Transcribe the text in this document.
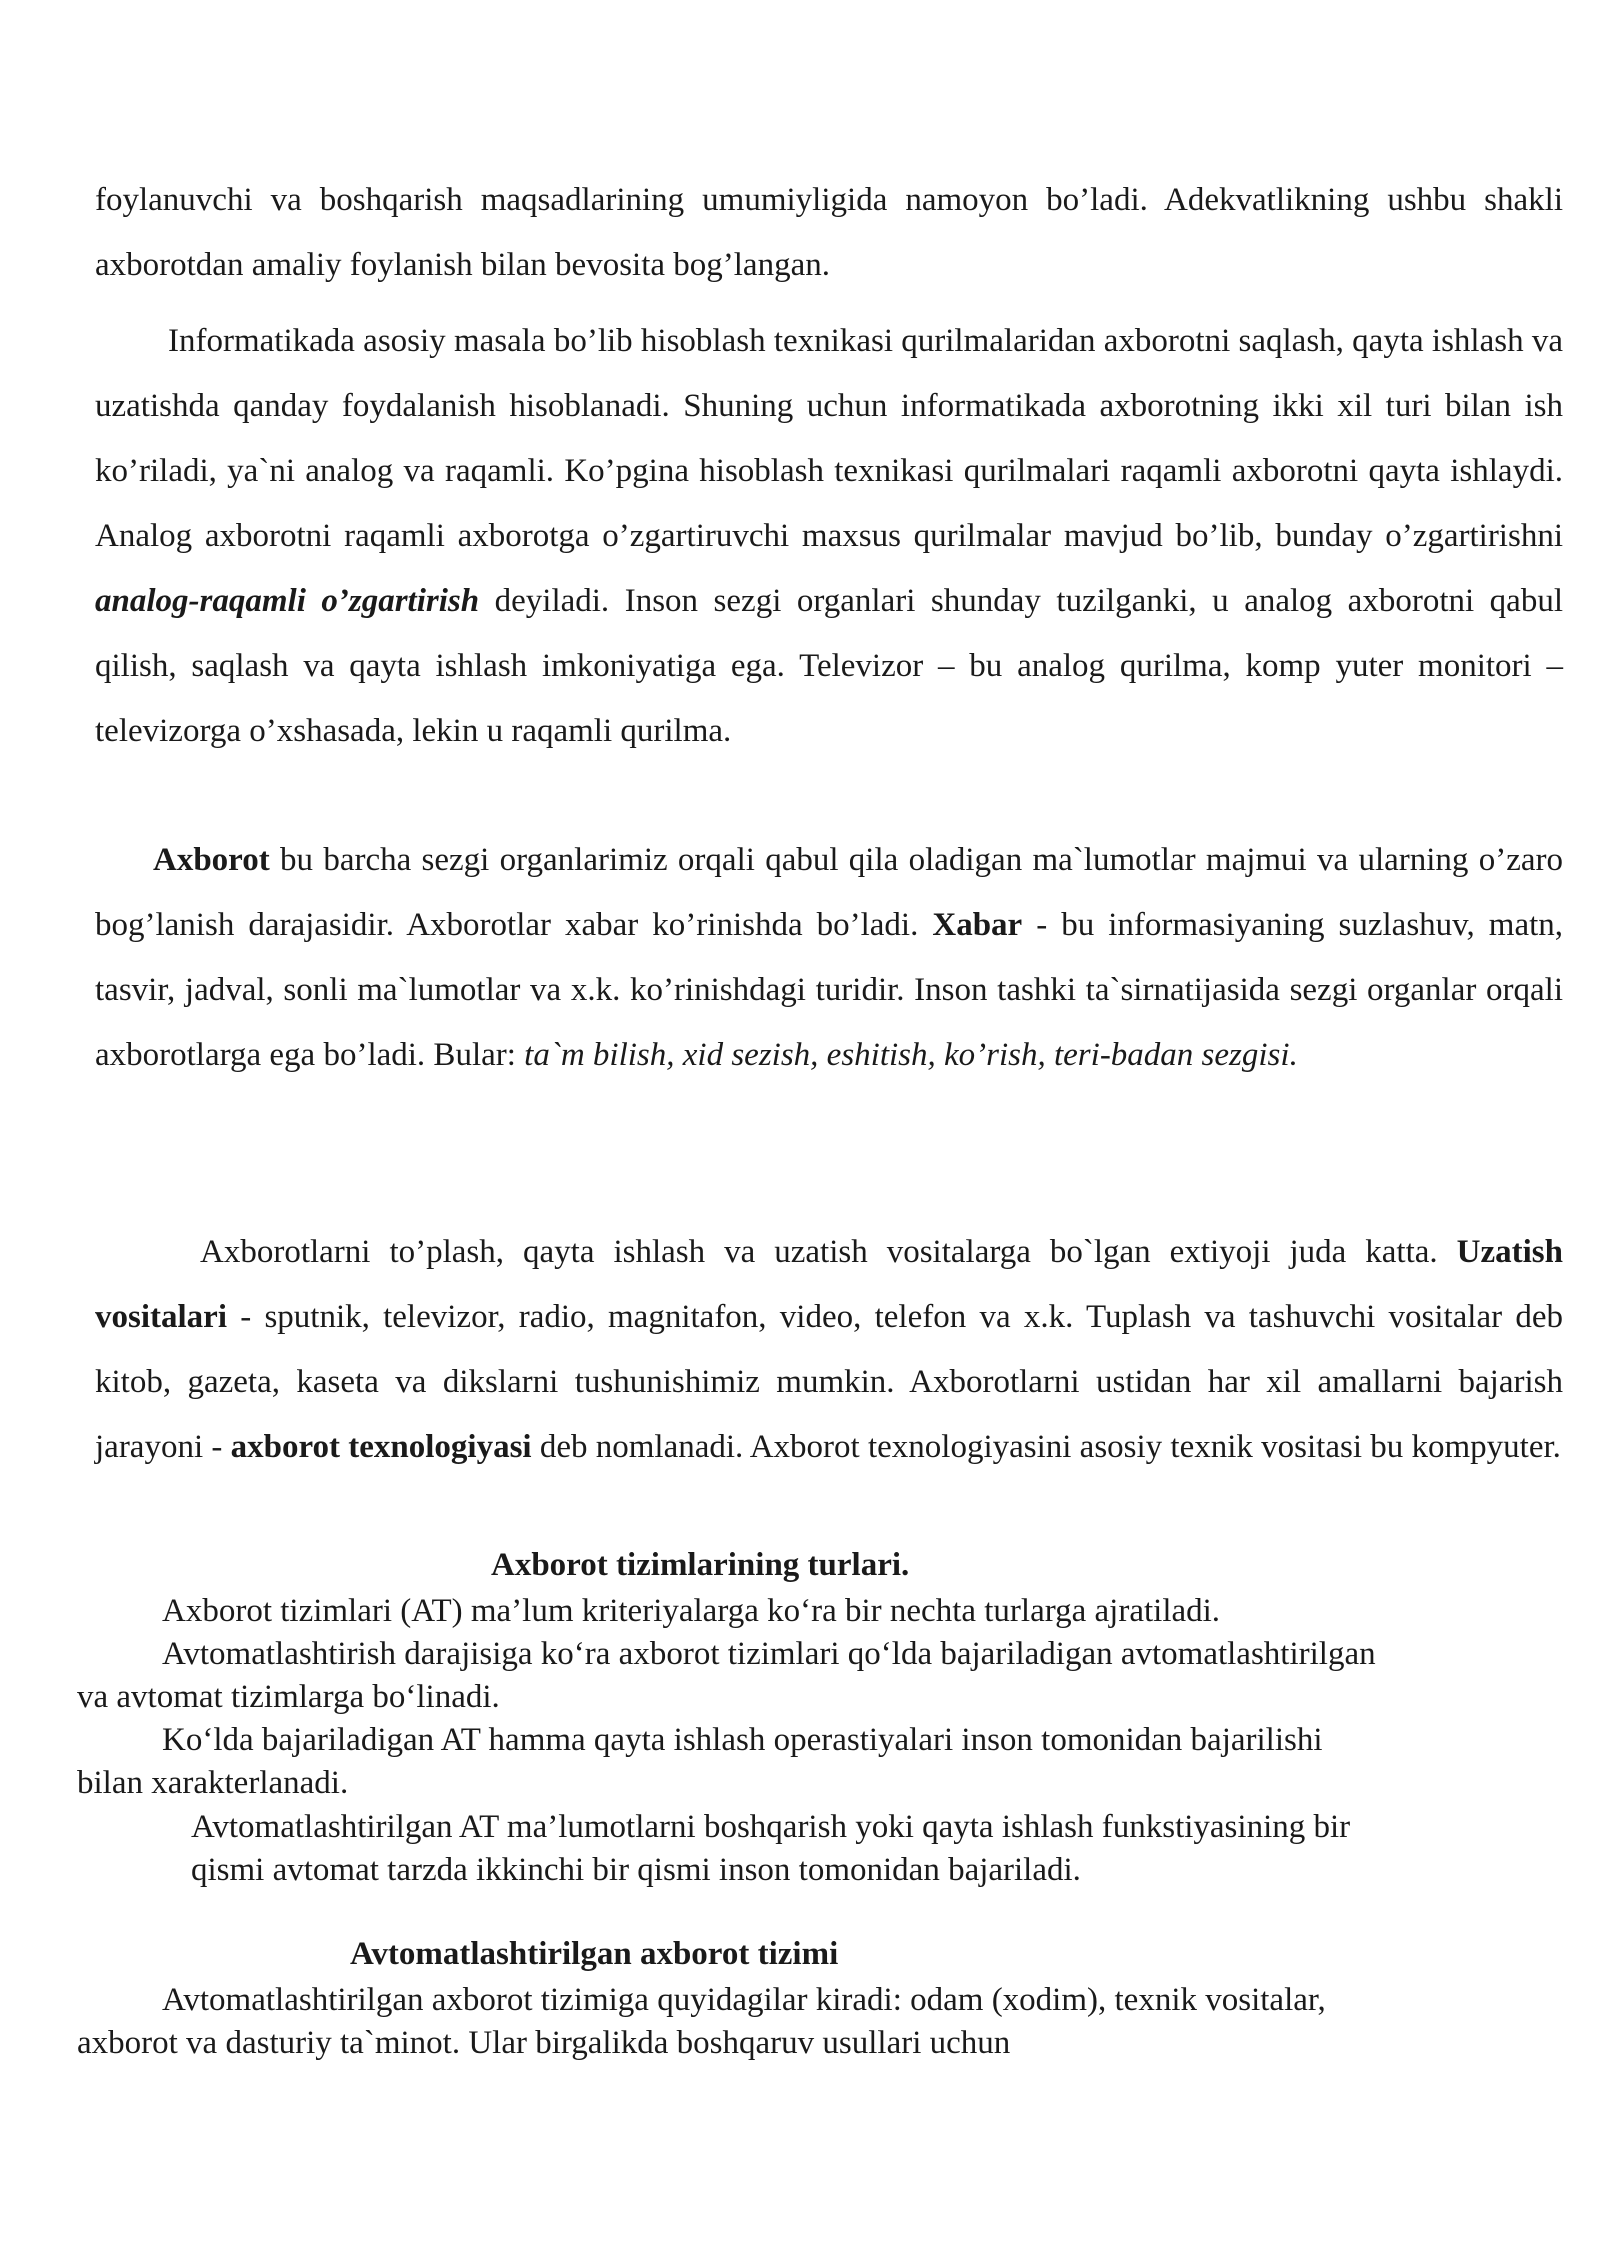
foylanuvchi va boshqarish maqsadlarining umumiyligida namoyon bo’ladi. Adekvatlikning ushbu shakli axborotdan amaliy foylanish bilan bevosita bog’langan.

Informatikada asosiy masala bo’lib hisoblash texnikasi qurilmalaridan axborotni saqlash, qayta ishlash va uzatishda qanday foydalanish hisoblanadi. Shuning uchun informatikada axborotning ikki xil turi bilan ish ko’riladi, ya`ni analog va raqamli. Ko’pgina hisoblash texnikasi qurilmalari raqamli axborotni qayta ishlaydi. Analog axborotni raqamli axborotga o’zgartiruvchi maxsus qurilmalar mavjud bo’lib, bunday o’zgartirishni analog-raqamli o’zgartirish deyiladi. Inson sezgi organlari shunday tuzilganki, u analog axborotni qabul qilish, saqlash va qayta ishlash imkoniyatiga ega. Televizor – bu analog qurilma, komp yuter monitori – televizorga o’xshasada, lekin u raqamli qurilma.

Axborot bu barcha sezgi organlarimiz orqali qabul qila oladigan ma`lumotlar majmui va ularning o’zaro bog’lanish darajasidir. Axborotlar xabar ko’rinishda bo’ladi. Xabar - bu informasiyaning suzlashuv, matn, tasvir, jadval, sonli ma`lumotlar va x.k. ko’rinishdagi turidir. Inson tashki ta`sirnatijasida sezgi organlar orqali axborotlarga ega bo’ladi. Bular: ta`m bilish, xid sezish, eshitish, ko’rish, teri-badan sezgisi.

Axborotlarni to’plash, qayta ishlash va uzatish vositalarga bo`lgan extiyoji juda katta. Uzatish vositalari - sputnik, televizor, radio, magnitafon, video, telefon va x.k. Tuplash va tashuvchi vositalar deb kitob, gazeta, kaseta va dikslarni tushunishimiz mumkin. Axborotlarni ustidan har xil amallarni bajarish jarayoni - axborot texnologiyasi deb nomlanadi. Axborot texnologiyasini asosiy texnik vositasi bu kompyuter.

Axborot tizimlarining turlari.

Axborot tizimlari (AT) ma’lum kriteriyalarga ko‘ra bir nechta turlarga ajratiladi.

Avtomatlashtirish darajisiga ko‘ra axborot tizimlari qo‘lda bajariladigan avtomatlashtirilgan va avtomat tizimlarga bo‘linadi.

Ko‘lda bajariladigan AT hamma qayta ishlash operastiyalari inson tomonidan bajarilishi bilan xarakterlanadi.

Avtomatlashtirilgan AT ma’lumotlarni boshqarish yoki qayta ishlash funkstiyasining bir qismi avtomat tarzda ikkinchi bir qismi inson tomonidan bajariladi.

Avtomatlashtirilgan axborot tizimi

Avtomatlashtirilgan axborot tizimiga quyidagilar kiradi: odam (xodim), texnik vositalar, axborot va dasturiy ta`minot. Ular birgalikda boshqaruv usullari uchun
